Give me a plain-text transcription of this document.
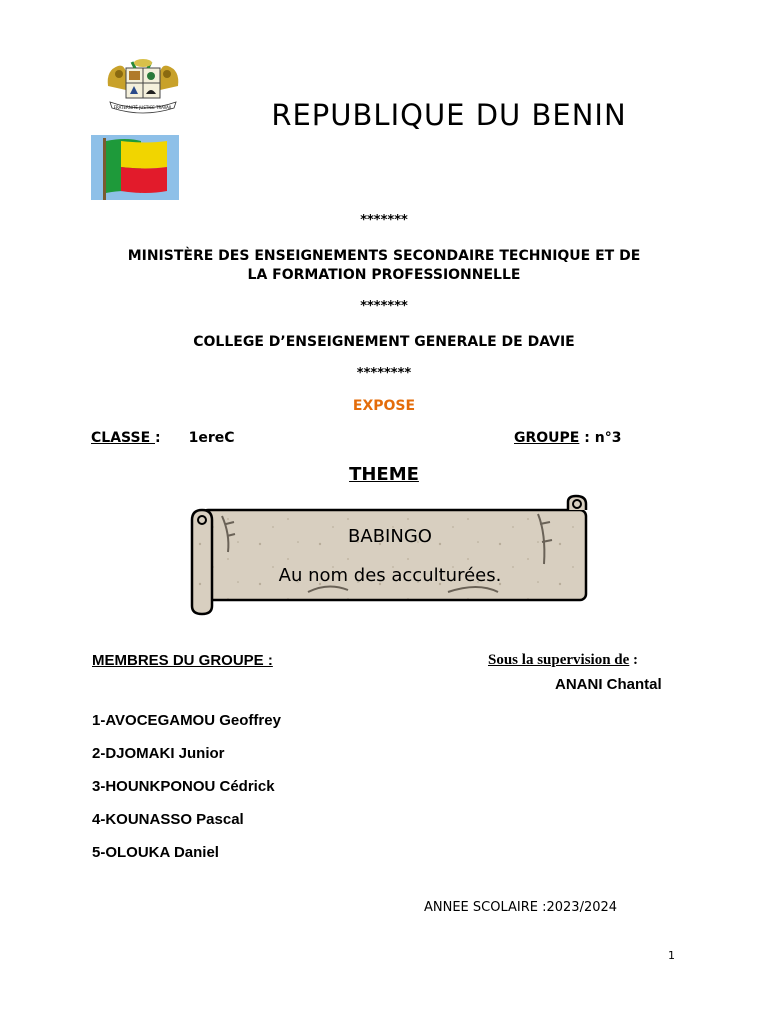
FRATERNITÉ JUSTICE TRAVAIL	REPUBLIQUE DU BENIN
*******
MINISTÈRE DES ENSEIGNEMENTS SECONDAIRE TECHNIQUE ET DE
LA FORMATION PROFESSIONNELLE
*******
COLLEGE D’ENSEIGNEMENT GENERALE DE DAVIE
********
EXPOSE
CLASSE : 1ereC	GROUPE : n°3
THEME
BABINGO
Au nom des acculturées.
MEMBRES DU GROUPE :	Sous la supervision de :
ANANI Chantal
1-AVOCEGAMOU Geoffrey
2-DJOMAKI Junior
3-HOUNKPONOU Cédrick
4-KOUNASSO Pascal
5-OLOUKA Daniel
ANNEE SCOLAIRE :2023/2024
1
